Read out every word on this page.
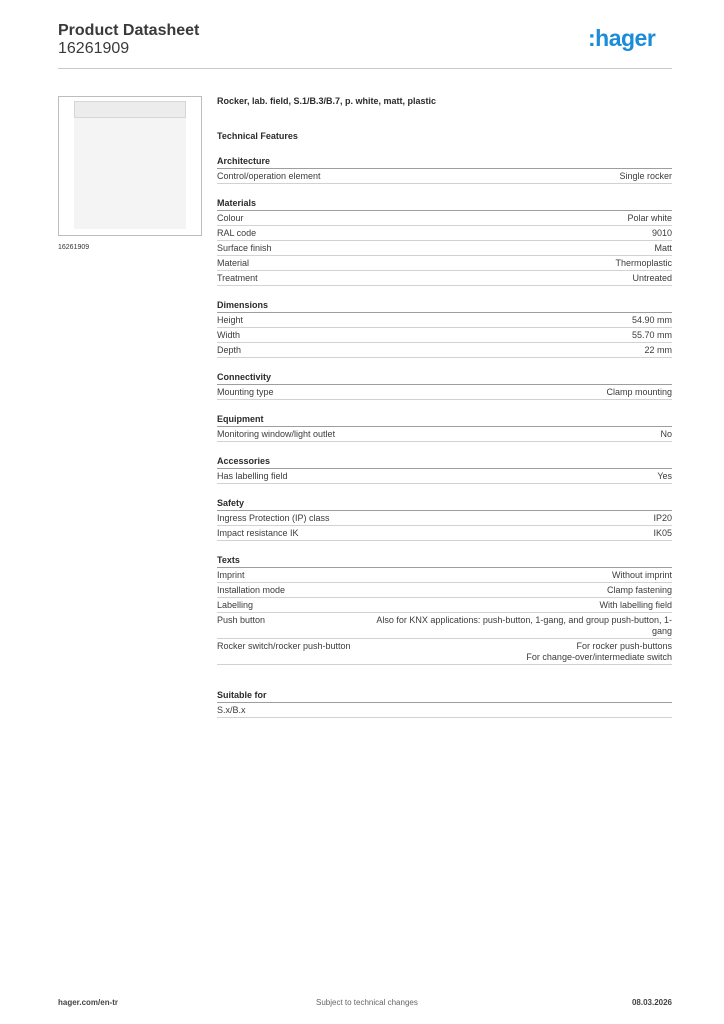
Product Datasheet
16261909	:hager
16261909
Rocker, lab. field, S.1/B.3/B.7, p. white, matt, plastic
Technical Features
Architecture
Control/operation element	Single rocker
Materials
Colour	Polar white
RAL code	9010
Surface finish	Matt
Material	Thermoplastic
Treatment	Untreated
Dimensions
Height	54.90 mm
Width	55.70 mm
Depth	22 mm
Connectivity
Mounting type	Clamp mounting
Equipment
Monitoring window/light outlet	No
Accessories
Has labelling field	Yes
Safety
Ingress Protection (IP) class	IP20
Impact resistance IK	IK05
Texts
Imprint	Without imprint
Installation mode	Clamp fastening
Labelling	With labelling field
Push button	Also for KNX applications: push-button, 1-gang, and group push-button, 1-gang
Rocker switch/rocker push-button	For rocker push-buttons
For change-over/intermediate switch
Suitable for
S.x/B.x
hager.com/en-tr	Subject to technical changes	08.03.2026
